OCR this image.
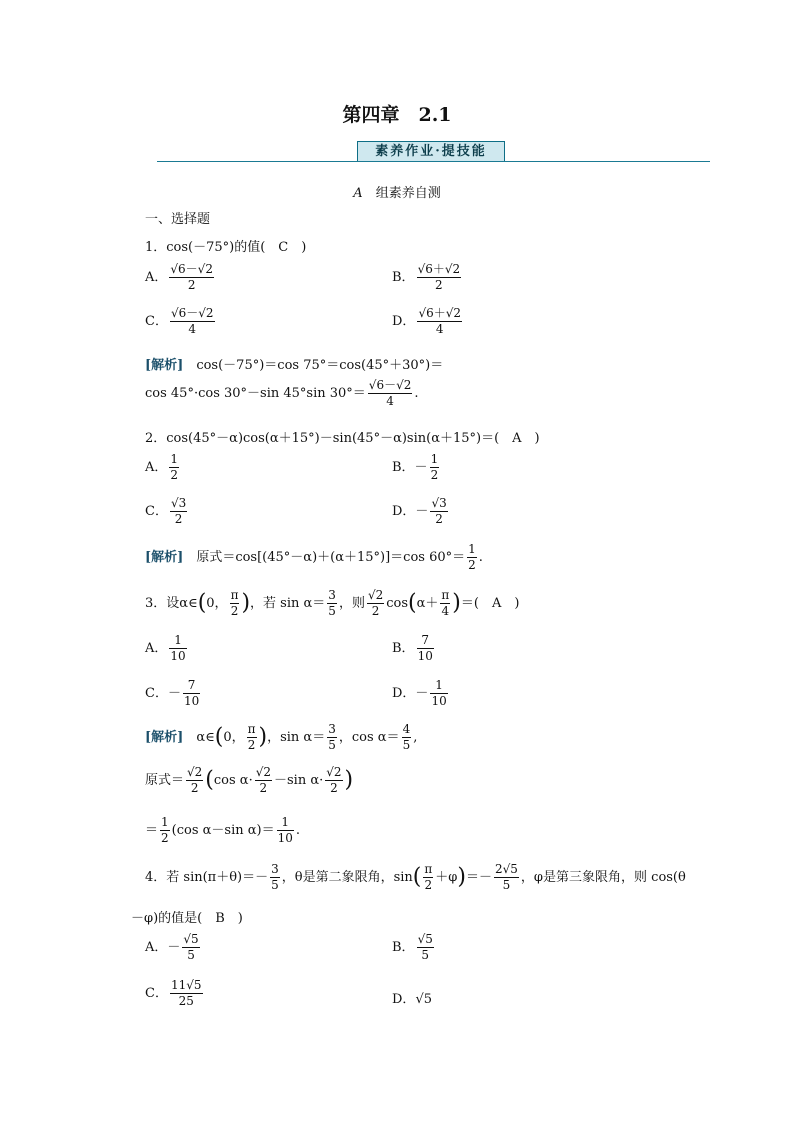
第四章　2.1
素养作业·提技能
A　 组素养自测
一、选择题
1．cos(－75°)的值(　C　)
A． $\frac{√6-√2}{2}$	B． $\frac{√6+√2}{2}$
C． $\frac{√6-√2}{4}$	D． $\frac{√6+√2}{4}$
[解析]　 cos(－75°)＝cos 75°＝cos(45°＋30°)＝
cos 45°·cos 30°－sin 45°sin $30^\circ= \frac{√6-√2}{4}$ .
2．cos(45°－α)cos(α＋15°)－sin(45°－α)sin(α＋15°)＝(　A　)
A． $\frac{1}{2}$	B．－ $\frac{1}{2}$
C． $\frac{√3}{2}$	D．－ $\frac{√3}{2}$
[解析]　 原式＝cos[(45°－α)＋(α＋15°)]＝cos $60^\circ= \frac{1}{2}$ .
3．设α∈(0， $\frac{\pi}{2}$ )，若 $\sin \alpha= \frac{3}{5}$ ，则 $\frac{√2}{2} \cos(\alpha+ \frac{\pi}{4}$ )＝(　A　)
A． $\frac{1}{10}$	B． $\frac{7}{10}$
C．－ $\frac{7}{10}$	D．－ $\frac{1}{10}$
[解析]　 α∈(0， $\frac{\pi}{2}$ )，$\sin \alpha= \frac{3}{5}$ ，$\cos \alpha= \frac{4}{5}$ ,
原式＝ $\frac{√2}{2} (\cos$ $\alpha\cdot \frac{√2}{2} -\sin$ $\alpha\cdot \frac{√2}{2}$ )
＝ $\frac{1}{2} (\cos$ α－sin $\alpha)= \frac{1}{10}$ .
4．若 $\sin(\pi+\theta)=- \frac{3}{5}$ ，θ是第二象限角，$\sin( \frac{\pi}{2} +\varphi)=- \frac{2√5}{5}$ ，φ是第三象限角，则 cos(θ
－φ)的值是(　B　)
A．－ $\frac{√5}{5}$	B． $\frac{√5}{5}$
C． $\frac{11√5}{25}$	D．√5
